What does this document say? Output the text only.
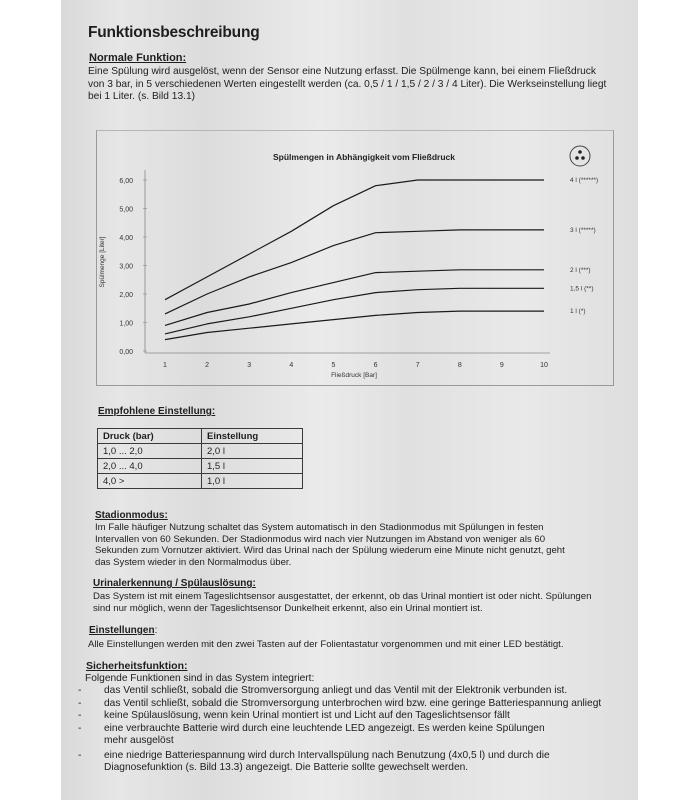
Funktionsbeschreibung
Normale Funktion:

Eine Spülung wird ausgelöst, wenn der Sensor eine Nutzung erfasst. Die Spülmenge kann, bei einem Fließdruck von 3 bar, in 5 verschiedenen Werten eingestellt werden (ca. 0,5 / 1 / 1,5 / 2 / 3 / 4 Liter). Die Werkseinstellung liegt bei 1 Liter. (s. Bild 13.1)

Spülmengen in Abhängigkeit vom Fließdruck
0,00
1,00
2,00
3,00
4,00
5,00
6,00
1	2	3	4	5	6	7	8	9	10
Spülmenge [Liter]
Fließdruck [Bar]
4 l (******)
3 l (*****)
2 l (***)
1,5 l (**)
1 l (*)
Empfohlene Einstellung:
Druck (bar)	Einstellung
1,0 ... 2,0	2,0 l
2,0 ... 4,0	1,5 l
4,0 >	1,0 l
Stadionmodus:

Im Falle häufiger Nutzung schaltet das System automatisch in den Stadionmodus mit Spülungen in festen Intervallen von 60 Sekunden. Der Stadionmodus wird nach vier Nutzungen im Abstand von weniger als 60 Sekunden zum Vornutzer aktiviert. Wird das Urinal nach der Spülung wiederum eine Minute nicht genutzt, geht das System wieder in den Normalmodus über.

Urinalerkennung / Spülauslösung:

Das System ist mit einem Tageslichtsensor ausgestattet, der erkennt, ob das Urinal montiert ist oder nicht. Spülungen sind nur möglich, wenn der Tageslichtsensor Dunkelheit erkennt, also ein Urinal montiert ist.

Einstellungen:

Alle Einstellungen werden mit den zwei Tasten auf der Folientastatur vorgenommen und mit einer LED bestätigt.

Sicherheitsfunktion:

Folgende Funktionen sind in das System integriert:

- das Ventil schließt, sobald die Stromversorgung anliegt und das Ventil mit der Elektronik verbunden ist.
- das Ventil schließt, sobald die Stromversorgung unterbrochen wird bzw. eine geringe Batteriespannung anliegt
- keine Spülauslösung, wenn kein Urinal montiert ist und Licht auf den Tageslichtsensor fällt
- eine verbrauchte Batterie wird durch eine leuchtende LED angezeigt. Es werden keine Spülungen mehr ausgelöst
- eine niedrige Batteriespannung wird durch Intervallspülung nach Benutzung (4x0,5 l) und durch die Diagnosefunktion (s. Bild 13.3) angezeigt. Die Batterie sollte gewechselt werden.
